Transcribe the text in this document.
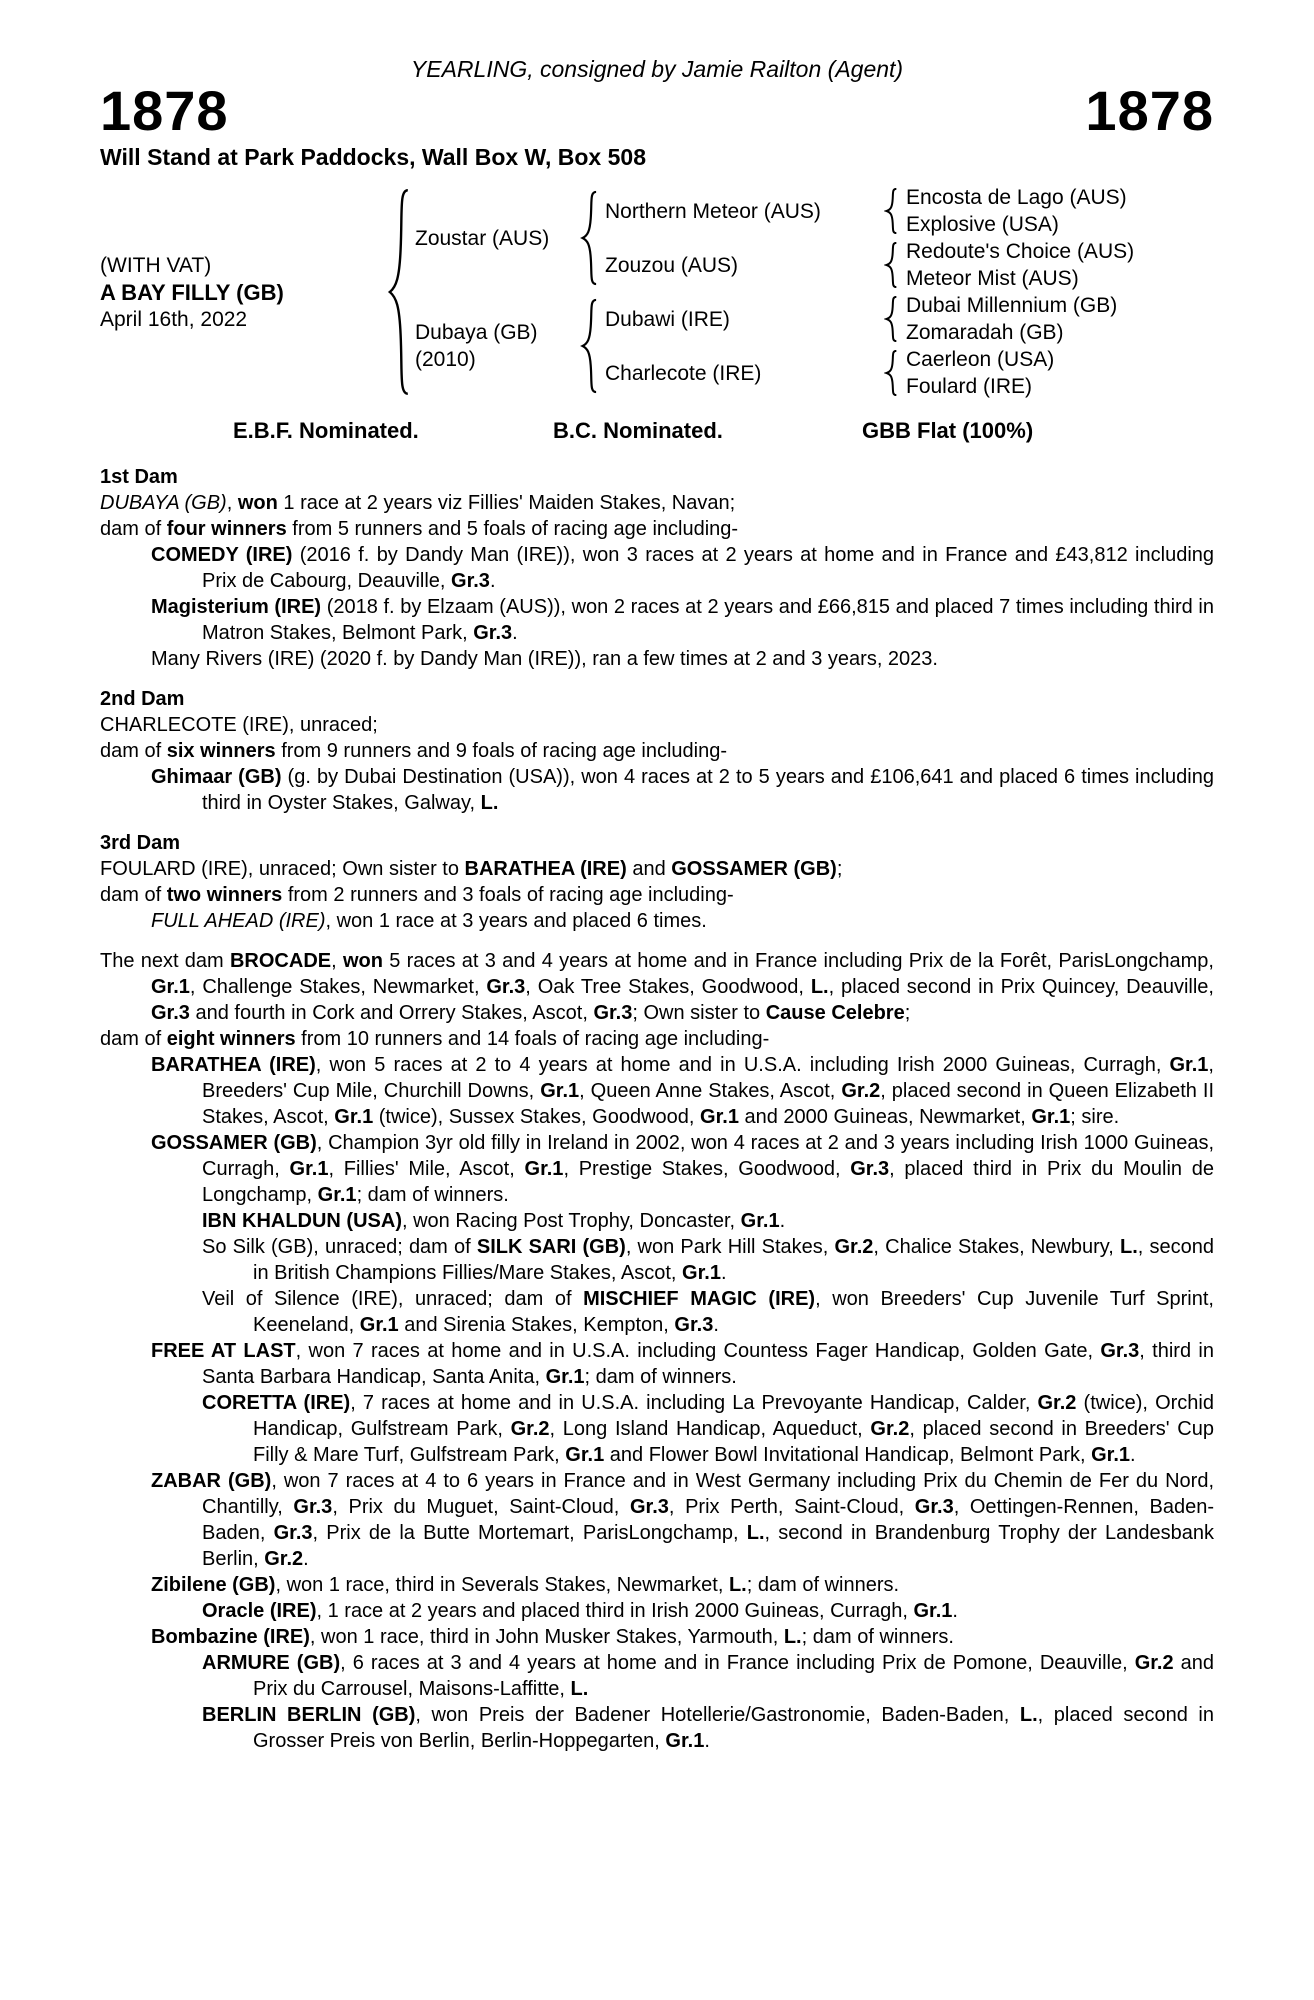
YEARLING, consigned by Jamie Railton (Agent)
1878	1878
Will Stand at Park Paddocks, Wall Box W, Box 508
(WITH VAT)
A BAY FILLY (GB)
April 16th, 2022
Zoustar (AUS)
Northern Meteor (AUS)
Encosta de Lago (AUS)
Explosive (USA)
Zouzou (AUS)
Redoute's Choice (AUS)
Meteor Mist (AUS)
Dubaya (GB)
(2010)
Dubawi (IRE)
Dubai Millennium (GB)
Zomaradah (GB)
Charlecote (IRE)
Caerleon (USA)
Foulard (IRE)
E.B.F. Nominated.	B.C. Nominated.	GBB Flat (100%)

1st Dam

DUBAYA (GB), won 1 race at 2 years viz Fillies' Maiden Stakes, Navan;

dam of four winners from 5 runners and 5 foals of racing age including-

COMEDY (IRE) (2016 f. by Dandy Man (IRE)), won 3 races at 2 years at home and in France and £43,812 including Prix de Cabourg, Deauville, Gr.3.

Magisterium (IRE) (2018 f. by Elzaam (AUS)), won 2 races at 2 years and £66,815 and placed 7 times including third in Matron Stakes, Belmont Park, Gr.3.

Many Rivers (IRE) (2020 f. by Dandy Man (IRE)), ran a few times at 2 and 3 years, 2023.

2nd Dam

CHARLECOTE (IRE), unraced;

dam of six winners from 9 runners and 9 foals of racing age including-

Ghimaar (GB) (g. by Dubai Destination (USA)), won 4 races at 2 to 5 years and £106,641 and placed 6 times including third in Oyster Stakes, Galway, L.

3rd Dam

FOULARD (IRE), unraced; Own sister to BARATHEA (IRE) and GOSSAMER (GB);

dam of two winners from 2 runners and 3 foals of racing age including-

FULL AHEAD (IRE), won 1 race at 3 years and placed 6 times.

The next dam BROCADE, won 5 races at 3 and 4 years at home and in France including Prix de la Forêt, ParisLongchamp, Gr.1, Challenge Stakes, Newmarket, Gr.3, Oak Tree Stakes, Goodwood, L., placed second in Prix Quincey, Deauville, Gr.3 and fourth in Cork and Orrery Stakes, Ascot, Gr.3; Own sister to Cause Celebre;

dam of eight winners from 10 runners and 14 foals of racing age including-

BARATHEA (IRE), won 5 races at 2 to 4 years at home and in U.S.A. including Irish 2000 Guineas, Curragh, Gr.1, Breeders' Cup Mile, Churchill Downs, Gr.1, Queen Anne Stakes, Ascot, Gr.2, placed second in Queen Elizabeth II Stakes, Ascot, Gr.1 (twice), Sussex Stakes, Goodwood, Gr.1 and 2000 Guineas, Newmarket, Gr.1; sire.

GOSSAMER (GB), Champion 3yr old filly in Ireland in 2002, won 4 races at 2 and 3 years including Irish 1000 Guineas, Curragh, Gr.1, Fillies' Mile, Ascot, Gr.1, Prestige Stakes, Goodwood, Gr.3, placed third in Prix du Moulin de Longchamp, Gr.1; dam of winners.

IBN KHALDUN (USA), won Racing Post Trophy, Doncaster, Gr.1.

So Silk (GB), unraced; dam of SILK SARI (GB), won Park Hill Stakes, Gr.2, Chalice Stakes, Newbury, L., second in British Champions Fillies/Mare Stakes, Ascot, Gr.1.

Veil of Silence (IRE), unraced; dam of MISCHIEF MAGIC (IRE), won Breeders' Cup Juvenile Turf Sprint, Keeneland, Gr.1 and Sirenia Stakes, Kempton, Gr.3.

FREE AT LAST, won 7 races at home and in U.S.A. including Countess Fager Handicap, Golden Gate, Gr.3, third in Santa Barbara Handicap, Santa Anita, Gr.1; dam of winners.

CORETTA (IRE), 7 races at home and in U.S.A. including La Prevoyante Handicap, Calder, Gr.2 (twice), Orchid Handicap, Gulfstream Park, Gr.2, Long Island Handicap, Aqueduct, Gr.2, placed second in Breeders' Cup Filly & Mare Turf, Gulfstream Park, Gr.1 and Flower Bowl Invitational Handicap, Belmont Park, Gr.1.

ZABAR (GB), won 7 races at 4 to 6 years in France and in West Germany including Prix du Chemin de Fer du Nord, Chantilly, Gr.3, Prix du Muguet, Saint-Cloud, Gr.3, Prix Perth, Saint-Cloud, Gr.3, Oettingen-Rennen, Baden-Baden, Gr.3, Prix de la Butte Mortemart, ParisLongchamp, L., second in Brandenburg Trophy der Landesbank Berlin, Gr.2.

Zibilene (GB), won 1 race, third in Severals Stakes, Newmarket, L.; dam of winners.

Oracle (IRE), 1 race at 2 years and placed third in Irish 2000 Guineas, Curragh, Gr.1.

Bombazine (IRE), won 1 race, third in John Musker Stakes, Yarmouth, L.; dam of winners.

ARMURE (GB), 6 races at 3 and 4 years at home and in France including Prix de Pomone, Deauville, Gr.2 and Prix du Carrousel, Maisons-Laffitte, L.

BERLIN BERLIN (GB), won Preis der Badener Hotellerie/Gastronomie, Baden-Baden, L., placed second in Grosser Preis von Berlin, Berlin-Hoppegarten, Gr.1.
